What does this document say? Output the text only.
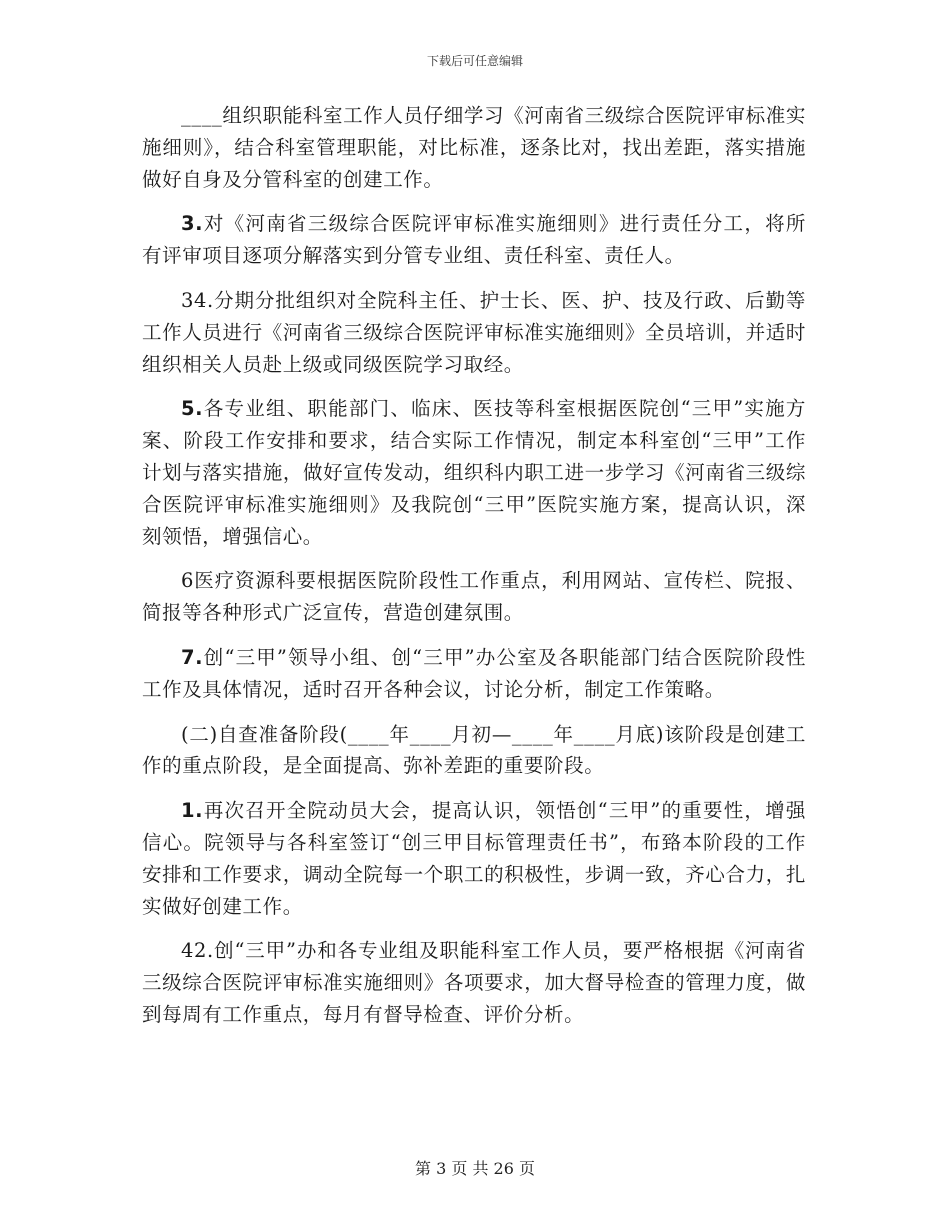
下载后可任意编辑

____组织职能科室工作人员仔细学习《河南省三级综合医院评审标准实施细则》，结合科室管理职能，对比标准，逐条比对，找出差距，落实措施做好自身及分管科室的创建工作。

3.对《河南省三级综合医院评审标准实施细则》进行责任分工，将所有评审项目逐项分解落实到分管专业组、责任科室、责任人。

34.分期分批组织对全院科主任、护士长、医、护、技及行政、后勤等工作人员进行《河南省三级综合医院评审标准实施细则》全员培训，并适时组织相关人员赴上级或同级医院学习取经。

5.各专业组、职能部门、临床、医技等科室根据医院创“三甲”实施方案、阶段工作安排和要求，结合实际工作情况，制定本科室创“三甲”工作计划与落实措施，做好宣传发动，组织科内职工进一步学习《河南省三级综合医院评审标准实施细则》及我院创“三甲”医院实施方案，提高认识，深刻领悟，增强信心。

6医疗资源科要根据医院阶段性工作重点，利用网站、宣传栏、院报、简报等各种形式广泛宣传，营造创建氛围。

7.创“三甲”领导小组、创“三甲”办公室及各职能部门结合医院阶段性工作及具体情况，适时召开各种会议，讨论分析，制定工作策略。

(二)自查准备阶段(____年____月初—____年____月底)该阶段是创建工作的重点阶段，是全面提高、弥补差距的重要阶段。

1.再次召开全院动员大会，提高认识，领悟创“三甲”的重要性，增强信心。院领导与各科室签订“创三甲目标管理责任书”，布臵本阶段的工作安排和工作要求，调动全院每一个职工的积极性，步调一致，齐心合力，扎实做好创建工作。

42.创“三甲”办和各专业组及职能科室工作人员，要严格根据《河南省三级综合医院评审标准实施细则》各项要求，加大督导检查的管理力度，做到每周有工作重点，每月有督导检查、评价分析。

第 3 页 共 26 页
